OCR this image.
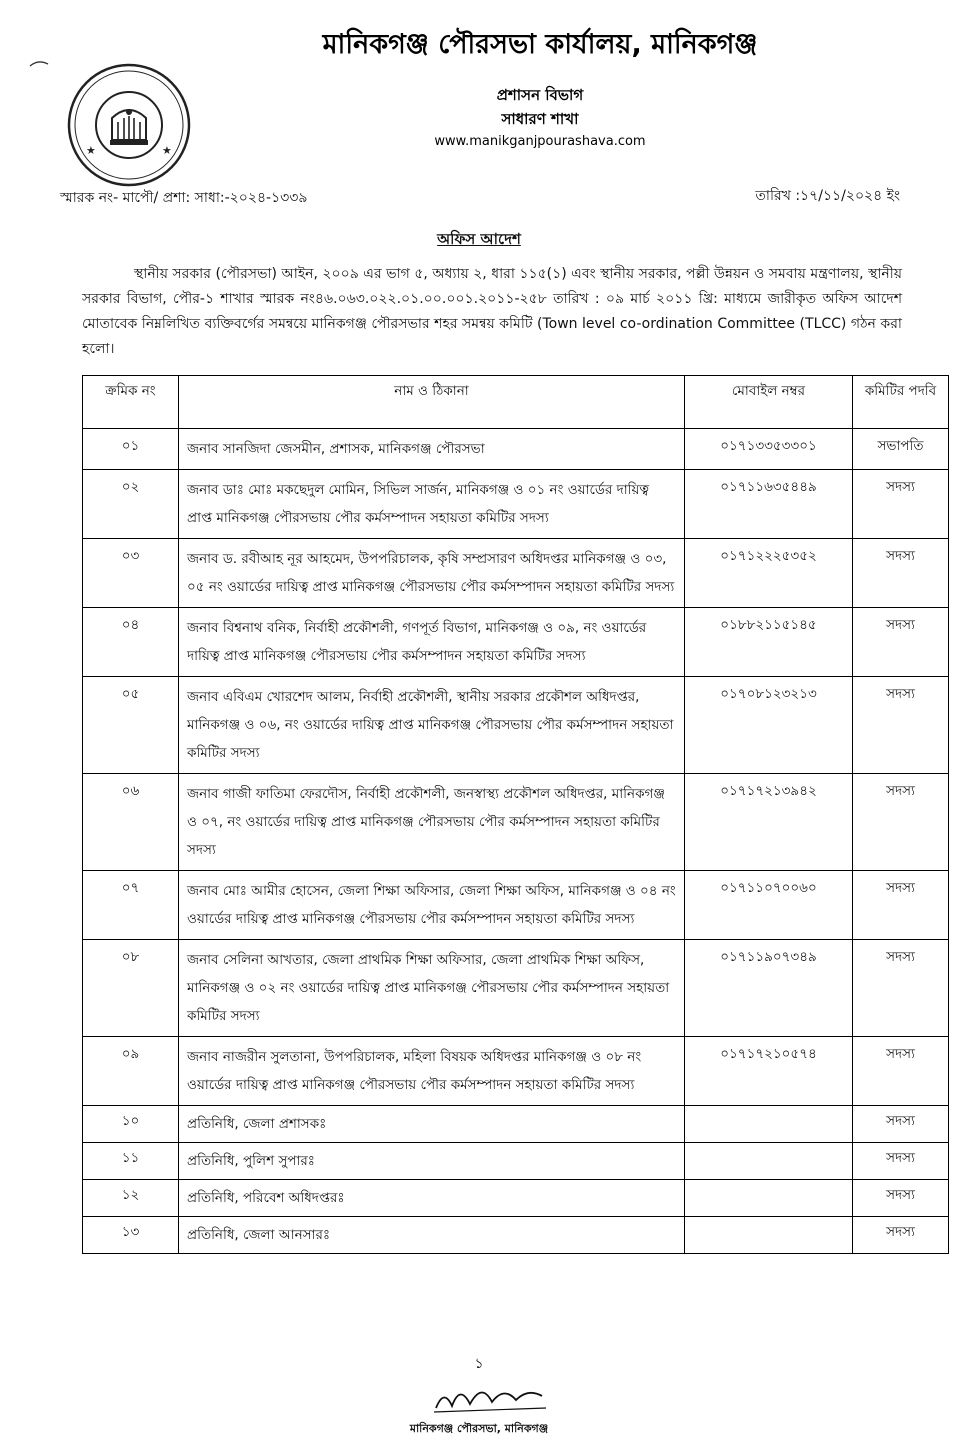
★	★
মানিকগঞ্জ পৌরসভা কার্যালয়, মানিকগঞ্জ
প্রশাসন বিভাগ
সাধারণ শাখা
www.manikganjpourashava.com
স্মারক নং- মাপৌ/ প্রশা: সাধা:-২০২৪-১৩৩৯	তারিখ :১৭/১১/২০২৪ ইং
অফিস আদেশ
স্থানীয় সরকার (পৌরসভা) আইন, ২০০৯ এর ভাগ ৫, অধ্যায় ২, ধারা ১১৫(১) এবং স্থানীয় সরকার, পল্লী উন্নয়ন ও সমবায় মন্ত্রণালয়, স্থানীয় সরকার বিভাগ, পৌর-১ শাখার স্মারক নং৪৬.০৬৩.০২২.০১.০০.০০১.২০১১-২৫৮ তারিখ : ০৯ মার্চ ২০১১ খ্রি: মাধ্যমে জারীকৃত অফিস আদেশ মোতাবেক নিম্নলিখিত ব্যক্তিবর্গের সমন্বয়ে মানিকগঞ্জ পৌরসভার শহর সমন্বয় কমিটি (Town level co-ordination Committee (TLCC) গঠন করা হলো।
ক্রমিক নং	নাম ও ঠিকানা	মোবাইল নম্বর	কমিটির পদবি
০১	জনাব সানজিদা জেসমীন, প্রশাসক, মানিকগঞ্জ পৌরসভা	০১৭১৩৩৫৩৩০১	সভাপতি
০২	জনাব ডাঃ মোঃ মকছেদুল মোমিন, সিভিল সার্জন, মানিকগঞ্জ ও ০১ নং ওয়ার্ডের দায়িত্ব প্রাপ্ত মানিকগঞ্জ পৌরসভায় পৌর কর্মসম্পাদন সহায়তা কমিটির সদস্য	০১৭১১৬৩৫৪৪৯	সদস্য
০৩	জনাব ড. রবীআহ নূর আহমেদ, উপপরিচালক, কৃষি সম্প্রসারণ অধিদপ্তর মানিকগঞ্জ ও ০৩, ০৫ নং ওয়ার্ডের দায়িত্ব প্রাপ্ত মানিকগঞ্জ পৌরসভায় পৌর কর্মসম্পাদন সহায়তা কমিটির সদস্য	০১৭১২২২৫৩৫২	সদস্য
০৪	জনাব বিশ্বনাথ বনিক, নির্বাহী প্রকৌশলী, গণপূর্ত বিভাগ, মানিকগঞ্জ ও ০৯, নং ওয়ার্ডের দায়িত্ব প্রাপ্ত মানিকগঞ্জ পৌরসভায় পৌর কর্মসম্পাদন সহায়তা কমিটির সদস্য	০১৮৮২১১৫১৪৫	সদস্য
০৫	জনাব এবিএম খোরশেদ আলম, নির্বাহী প্রকৌশলী, স্থানীয় সরকার প্রকৌশল অধিদপ্তর, মানিকগঞ্জ ও ০৬, নং ওয়ার্ডের দায়িত্ব প্রাপ্ত মানিকগঞ্জ পৌরসভায় পৌর কর্মসম্পাদন সহায়তা কমিটির সদস্য	০১৭০৮১২৩২১৩	সদস্য
০৬	জনাব গাজী ফাতিমা ফেরদৌস, নির্বাহী প্রকৌশলী, জনস্বাস্থ্য প্রকৌশল অধিদপ্তর, মানিকগঞ্জ ও ০৭, নং ওয়ার্ডের দায়িত্ব প্রাপ্ত মানিকগঞ্জ পৌরসভায় পৌর কর্মসম্পাদন সহায়তা কমিটির সদস্য	০১৭১৭২১৩৯৪২	সদস্য
০৭	জনাব মোঃ আমীর হোসেন, জেলা শিক্ষা অফিসার, জেলা শিক্ষা অফিস, মানিকগঞ্জ ও ০৪ নং ওয়ার্ডের দায়িত্ব প্রাপ্ত মানিকগঞ্জ পৌরসভায় পৌর কর্মসম্পাদন সহায়তা কমিটির সদস্য	০১৭১১০৭০০৬০	সদস্য
০৮	জনাব সেলিনা আখতার, জেলা প্রাথমিক শিক্ষা অফিসার, জেলা প্রাথমিক শিক্ষা অফিস, মানিকগঞ্জ ও ০২ নং ওয়ার্ডের দায়িত্ব প্রাপ্ত মানিকগঞ্জ পৌরসভায় পৌর কর্মসম্পাদন সহায়তা কমিটির সদস্য	০১৭১১৯০৭৩৪৯	সদস্য
০৯	জনাব নাজরীন সুলতানা, উপপরিচালক, মহিলা বিষয়ক অধিদপ্তর মানিকগঞ্জ ও ০৮ নং ওয়ার্ডের দায়িত্ব প্রাপ্ত মানিকগঞ্জ পৌরসভায় পৌর কর্মসম্পাদন সহায়তা কমিটির সদস্য	০১৭১৭২১০৫৭৪	সদস্য
১০	প্রতিনিধি, জেলা প্রশাসকঃ		সদস্য
১১	প্রতিনিধি, পুলিশ সুপারঃ		সদস্য
১২	প্রতিনিধি, পরিবেশ অধিদপ্তরঃ		সদস্য
১৩	প্রতিনিধি, জেলা আনসারঃ		সদস্য
১
মানিকগঞ্জ পৌরসভা, মানিকগঞ্জ
